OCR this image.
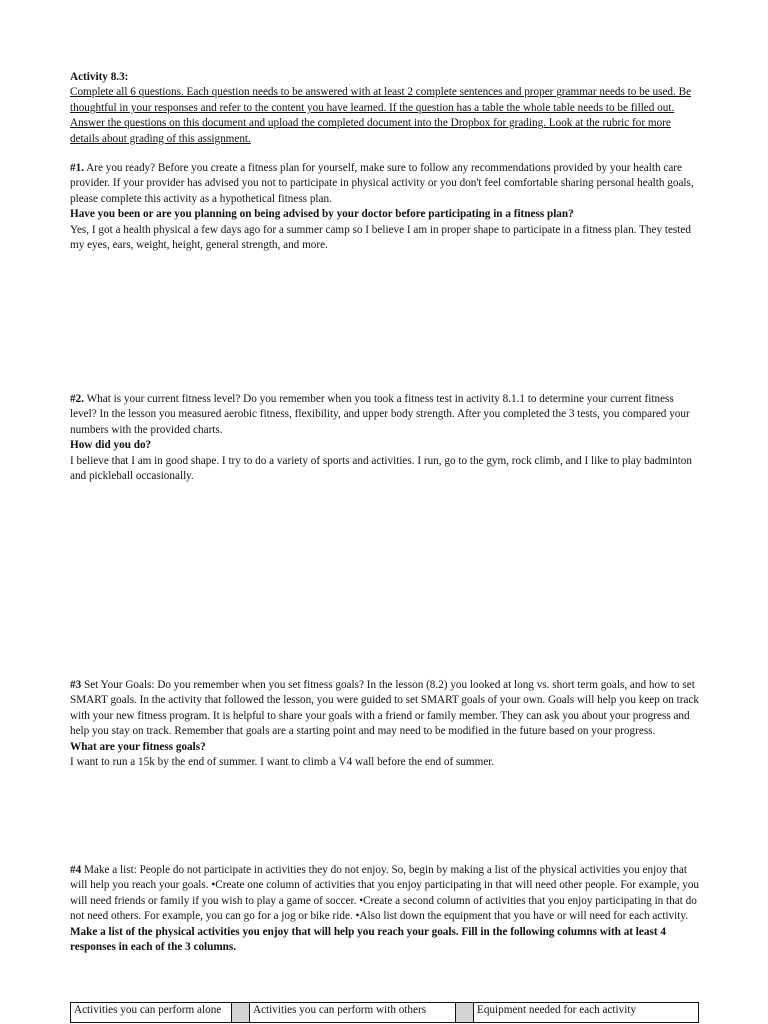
Activity 8.3:

Complete all 6 questions. Each question needs to be answered with at least 2 complete sentences and proper grammar needs to be used. Be thoughtful in your responses and refer to the content you have learned. If the question has a table the whole table needs to be filled out. Answer the questions on this document and upload the completed document into the Dropbox for grading. Look at the rubric for more details about grading of this assignment.

#1. Are you ready? Before you create a fitness plan for yourself, make sure to follow any recommendations provided by your health care provider. If your provider has advised you not to participate in physical activity or you don't feel comfortable sharing personal health goals, please complete this activity as a hypothetical fitness plan.

Have you been or are you planning on being advised by your doctor before participating in a fitness plan?

Yes, I got a health physical a few days ago for a summer camp so I believe I am in proper shape to participate in a fitness plan. They tested my eyes, ears, weight, height, general strength, and more.

#2. What is your current fitness level? Do you remember when you took a fitness test in activity 8.1.1 to determine your current fitness level? In the lesson you measured aerobic fitness, flexibility, and upper body strength. After you completed the 3 tests, you compared your numbers with the provided charts.

How did you do?

I believe that I am in good shape. I try to do a variety of sports and activities. I run, go to the gym, rock climb, and I like to play badminton and pickleball occasionally.

#3 Set Your Goals: Do you remember when you set fitness goals? In the lesson (8.2) you looked at long vs. short term goals, and how to set SMART goals. In the activity that followed the lesson, you were guided to set SMART goals of your own. Goals will help you keep on track with your new fitness program. It is helpful to share your goals with a friend or family member. They can ask you about your progress and help you stay on track. Remember that goals are a starting point and may need to be modified in the future based on your progress.

What are your fitness goals?

I want to run a 15k by the end of summer. I want to climb a V4 wall before the end of summer.

#4 Make a list: People do not participate in activities they do not enjoy. So, begin by making a list of the physical activities you enjoy that will help you reach your goals. •Create one column of activities that you enjoy participating in that will need other people. For example, you will need friends or family if you wish to play a game of soccer. •Create a second column of activities that you enjoy participating in that do not need others. For example, you can go for a jog or bike ride. •Also list down the equipment that you have or will need for each activity.

Make a list of the physical activities you enjoy that will help you reach your goals. Fill in the following columns with at least 4 responses in each of the 3 columns.

Activities you can perform alone		Activities you can perform with others		Equipment needed for each activity
